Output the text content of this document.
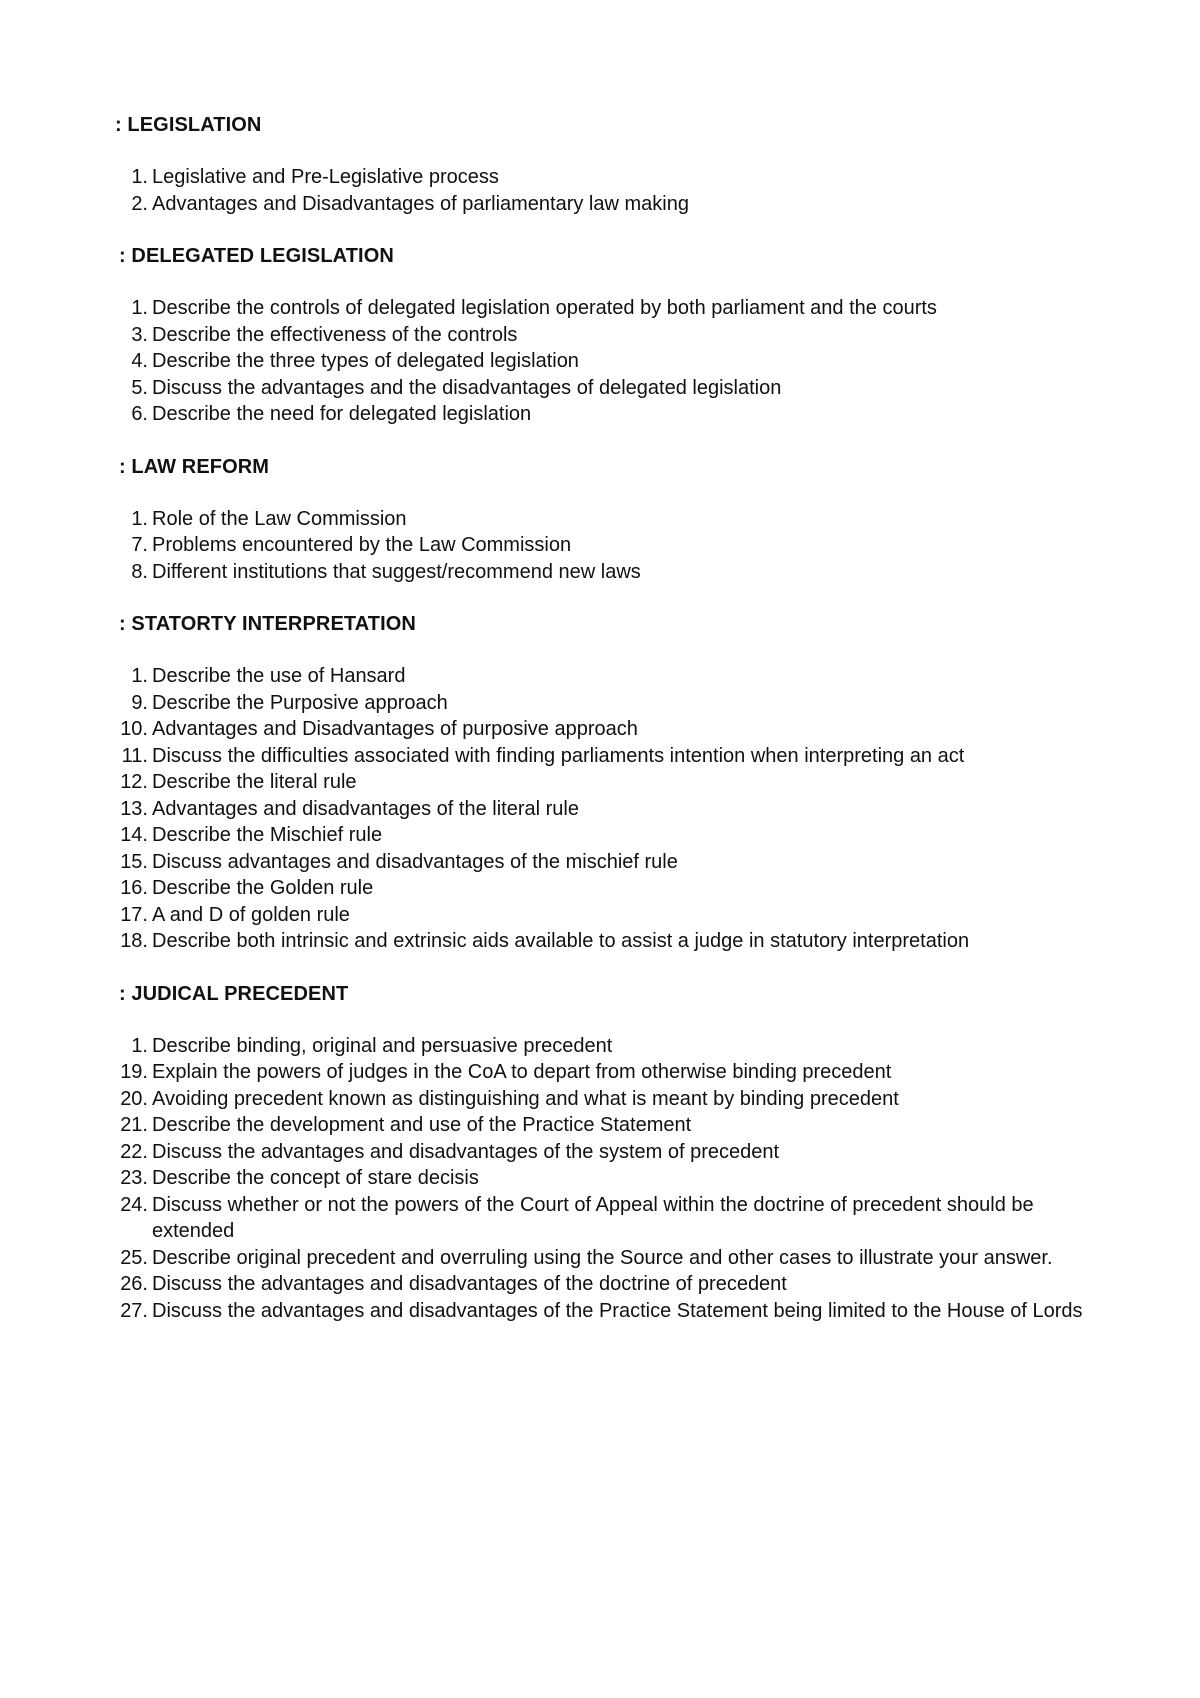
: LEGISLATION
1. Legislative and Pre-Legislative process
2. Advantages and Disadvantages of parliamentary law making
: DELEGATED LEGISLATION
1. Describe the controls of delegated legislation operated by both parliament and the courts
3. Describe the effectiveness of the controls
4. Describe the three types of delegated legislation
5. Discuss the advantages and the disadvantages of delegated legislation
6. Describe the need for delegated legislation
: LAW REFORM
1. Role of the Law Commission
7. Problems encountered by the Law Commission
8. Different institutions that suggest/recommend new laws
: STATORTY INTERPRETATION
1. Describe the use of Hansard
9. Describe the Purposive approach
10. Advantages and Disadvantages of purposive approach
11. Discuss the difficulties associated with finding parliaments intention when interpreting an act
12. Describe the literal rule
13. Advantages and disadvantages of the literal rule
14. Describe the Mischief rule
15. Discuss advantages and disadvantages of the mischief rule
16. Describe the Golden rule
17. A and D of golden rule
18. Describe both intrinsic and extrinsic aids available to assist a judge in statutory interpretation
: JUDICAL PRECEDENT
1. Describe binding, original and persuasive precedent
19. Explain the powers of judges in the CoA to depart from otherwise binding precedent
20. Avoiding precedent known as distinguishing and what is meant by binding precedent
21. Describe the development and use of the Practice Statement
22. Discuss the advantages and disadvantages of the system of precedent
23. Describe the concept of stare decisis
24. Discuss whether or not the powers of the Court of Appeal within the doctrine of precedent should be extended
25. Describe original precedent and overruling using the Source and other cases to illustrate your answer.
26. Discuss the advantages and disadvantages of the doctrine of precedent
27. Discuss the advantages and disadvantages of the Practice Statement being limited to the House of Lords
